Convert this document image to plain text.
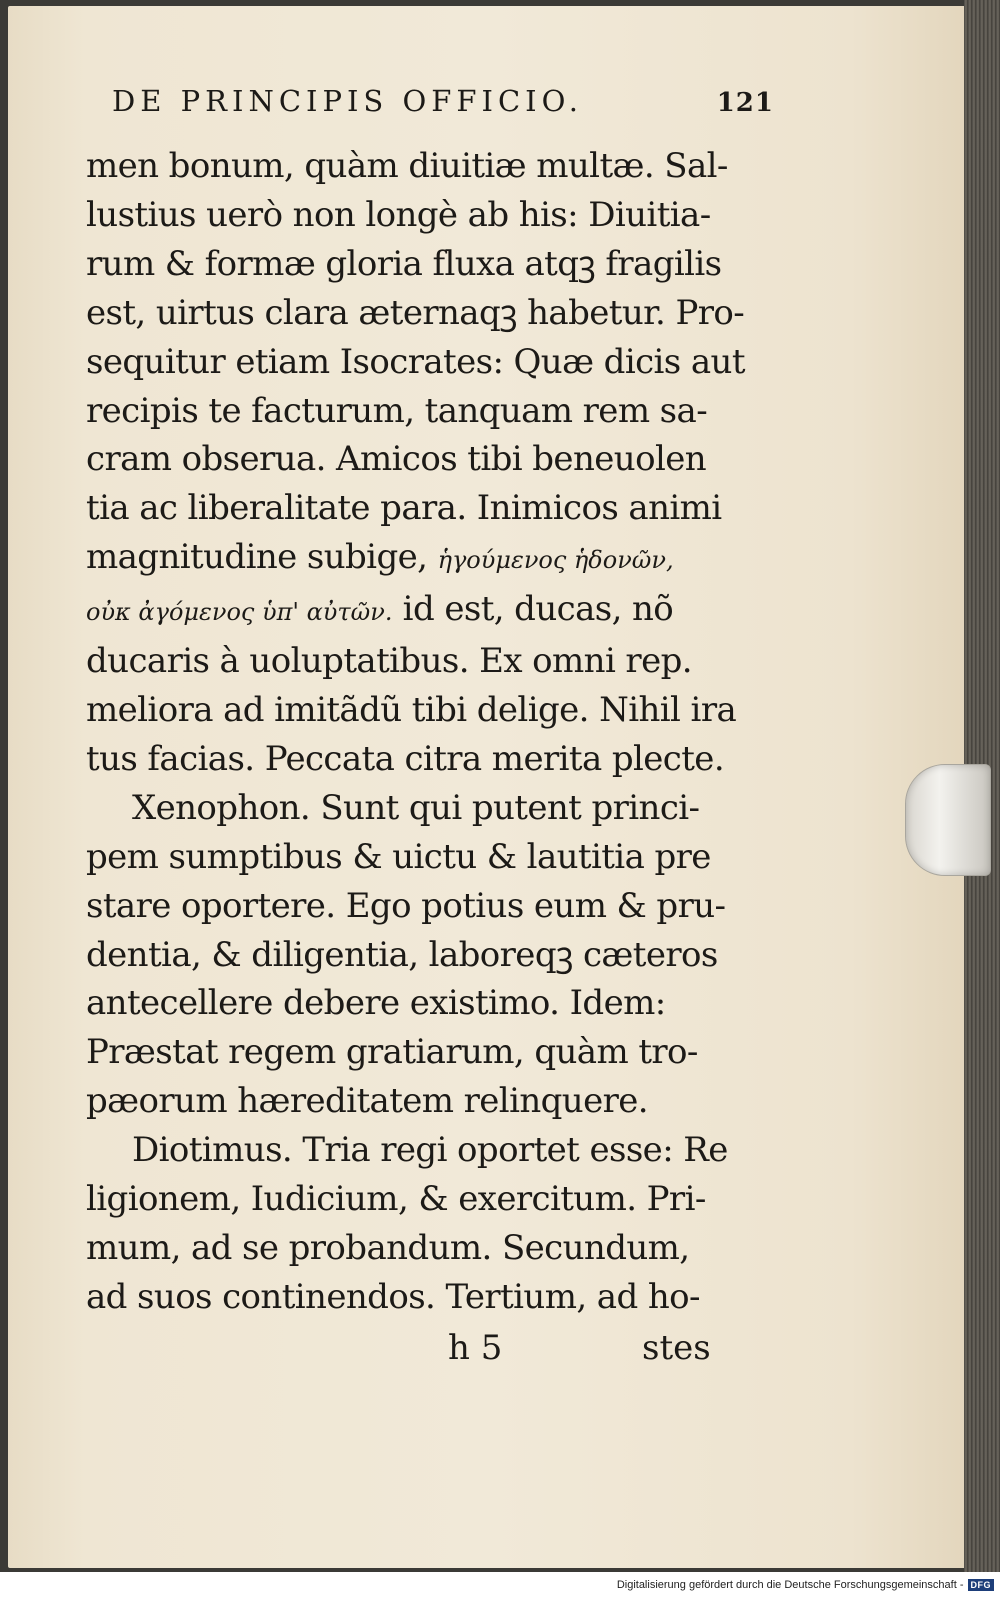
DE PRINCIPIS OFFICIO.	121
men bonum, quàm diuitiæ multæ. Sal-
lustius uerò non longè ab his: Diuitia-
rum & formæ gloria fluxa atqꝫ fragilis
est, uirtus clara æternaqꝫ habetur. Pro-
sequitur etiam Isocrates: Quæ dicis aut
recipis te facturum, tanquam rem sa-
cram obserua. Amicos tibi beneuolen
tia ac liberalitate para. Inimicos animi
magnitudine subige, ἡγούμενος ἡδονῶν,
οὐκ ἀγόμενος ὑπ' αὐτῶν. id est, ducas, nõ
ducaris à uoluptatibus. Ex omni rep.
meliora ad imitãdũ tibi delige. Nihil ira
tus facias. Peccata citra merita plecte.
Xenophon. Sunt qui putent princi-
pem sumptibus & uictu & lautitia pre
stare oportere. Ego potius eum & pru-
dentia, & diligentia, laboreqꝫ cæteros
antecellere debere existimo. Idem:
Præstat regem gratiarum, quàm tro-
pæorum hæreditatem relinquere.
Diotimus. Tria regi oportet esse: Re
ligionem, Iudicium, & exercitum. Pri-
mum, ad se probandum. Secundum,
ad suos continendos. Tertium, ad ho-
h 5	stes
Digitalisierung gefördert durch die Deutsche Forschungsgemeinschaft - DFG
